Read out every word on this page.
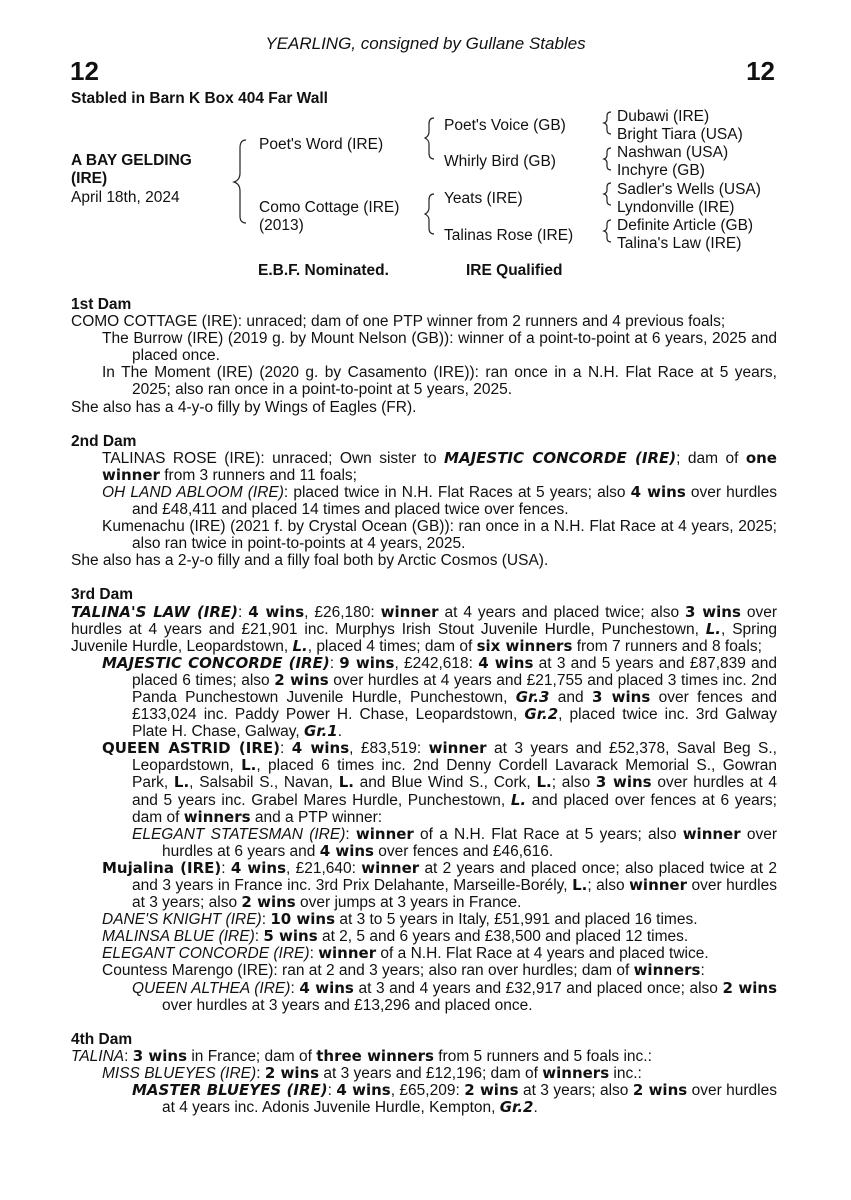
YEARLING, consigned by Gullane Stables
12	12
Stabled in Barn K Box 404 Far Wall
A BAY GELDING
(IRE)
April 18th, 2024
Poet's Word (IRE)
Como Cottage (IRE)
(2013)
Poet's Voice (GB)
Whirly Bird (GB)
Yeats (IRE)
Talinas Rose (IRE)
Dubawi (IRE)
Bright Tiara (USA)
Nashwan (USA)
Inchyre (GB)
Sadler's Wells (USA)
Lyndonville (IRE)
Definite Article (GB)
Talina's Law (IRE)
E.B.F. Nominated.	IRE Qualified
1st Dam

COMO COTTAGE (IRE): unraced; dam of one PTP winner from 2 runners and 4 previous foals;

The Burrow (IRE) (2019 g. by Mount Nelson (GB)): winner of a point-to-point at 6 years, 2025 and placed once.

In The Moment (IRE) (2020 g. by Casamento (IRE)): ran once in a N.H. Flat Race at 5 years, 2025; also ran once in a point-to-point at 5 years, 2025.

She also has a 4-y-o filly by Wings of Eagles (FR).

2nd Dam

TALINAS ROSE (IRE): unraced; Own sister to MAJESTIC CONCORDE (IRE); dam of one winner from 3 runners and 11 foals;

OH LAND ABLOOM (IRE): placed twice in N.H. Flat Races at 5 years; also 4 wins over hurdles and £48,411 and placed 14 times and placed twice over fences.

Kumenachu (IRE) (2021 f. by Crystal Ocean (GB)): ran once in a N.H. Flat Race at 4 years, 2025; also ran twice in point-to-points at 4 years, 2025.

She also has a 2-y-o filly and a filly foal both by Arctic Cosmos (USA).

3rd Dam

TALINA'S LAW (IRE): 4 wins, £26,180: winner at 4 years and placed twice; also 3 wins over hurdles at 4 years and £21,901 inc. Murphys Irish Stout Juvenile Hurdle, Punchestown, L., Spring Juvenile Hurdle, Leopardstown, L., placed 4 times; dam of six winners from 7 runners and 8 foals;

MAJESTIC CONCORDE (IRE): 9 wins, £242,618: 4 wins at 3 and 5 years and £87,839 and placed 6 times; also 2 wins over hurdles at 4 years and £21,755 and placed 3 times inc. 2nd Panda Punchestown Juvenile Hurdle, Punchestown, Gr.3 and 3 wins over fences and £133,024 inc. Paddy Power H. Chase, Leopardstown, Gr.2, placed twice inc. 3rd Galway Plate H. Chase, Galway, Gr.1.

QUEEN ASTRID (IRE): 4 wins, £83,519: winner at 3 years and £52,378, Saval Beg S., Leopardstown, L., placed 6 times inc. 2nd Denny Cordell Lavarack Memorial S., Gowran Park, L., Salsabil S., Navan, L. and Blue Wind S., Cork, L.; also 3 wins over hurdles at 4 and 5 years inc. Grabel Mares Hurdle, Punchestown, L. and placed over fences at 6 years; dam of winners and a PTP winner:

ELEGANT STATESMAN (IRE): winner of a N.H. Flat Race at 5 years; also winner over hurdles at 6 years and 4 wins over fences and £46,616.

Mujalina (IRE): 4 wins, £21,640: winner at 2 years and placed once; also placed twice at 2 and 3 years in France inc. 3rd Prix Delahante, Marseille-Borély, L.; also winner over hurdles at 3 years; also 2 wins over jumps at 3 years in France.

DANE'S KNIGHT (IRE): 10 wins at 3 to 5 years in Italy, £51,991 and placed 16 times.

MALINSA BLUE (IRE): 5 wins at 2, 5 and 6 years and £38,500 and placed 12 times.

ELEGANT CONCORDE (IRE): winner of a N.H. Flat Race at 4 years and placed twice.

Countess Marengo (IRE): ran at 2 and 3 years; also ran over hurdles; dam of winners:

QUEEN ALTHEA (IRE): 4 wins at 3 and 4 years and £32,917 and placed once; also 2 wins over hurdles at 3 years and £13,296 and placed once.

4th Dam

TALINA: 3 wins in France; dam of three winners from 5 runners and 5 foals inc.:

MISS BLUEYES (IRE): 2 wins at 3 years and £12,196; dam of winners inc.:

MASTER BLUEYES (IRE): 4 wins, £65,209: 2 wins at 3 years; also 2 wins over hurdles at 4 years inc. Adonis Juvenile Hurdle, Kempton, Gr.2.
